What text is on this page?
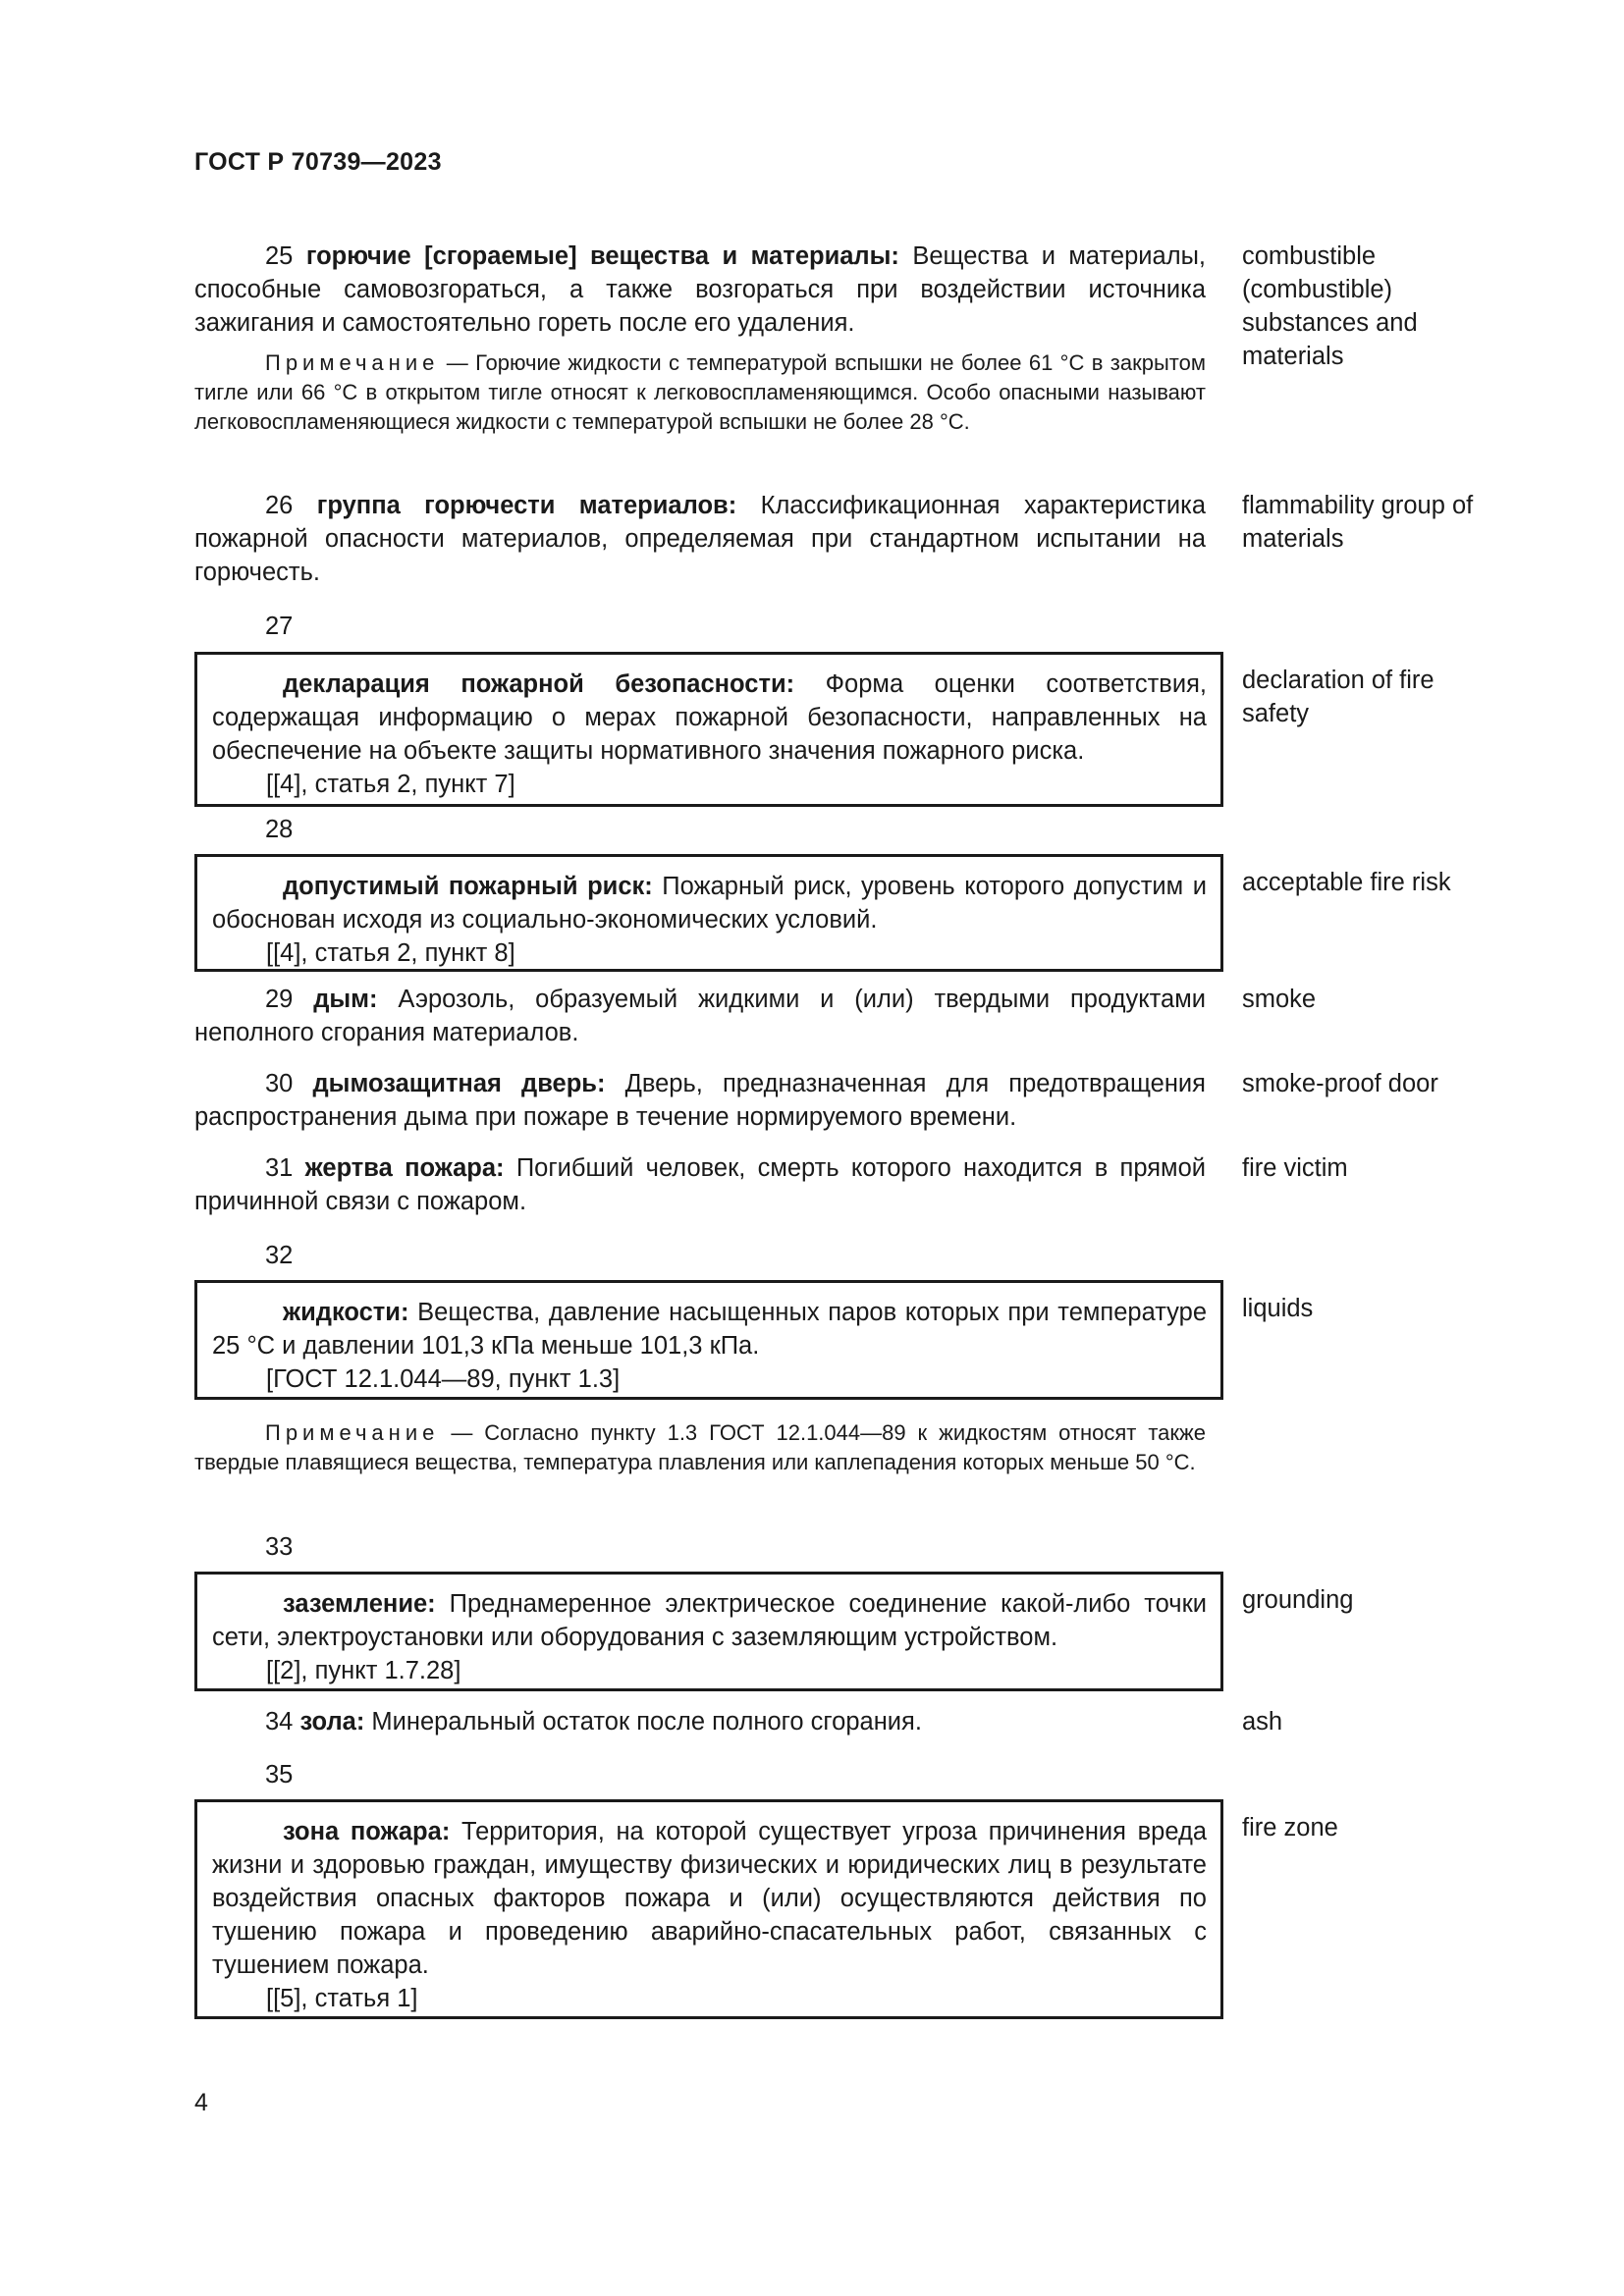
ГОСТ Р 70739—2023
25 горючие [сгораемые] вещества и материалы: Вещества и материалы, способные самовозгораться, а также возгораться при воздействии источника зажигания и самостоятельно гореть после его удаления.
combustible (combustible) substances and materials
Примечание — Горючие жидкости с температурой вспышки не более 61 °С в закрытом тигле или 66 °С в открытом тигле относят к легковоспламеняющимся. Особо опасными называют легковоспламеняющиеся жидкости с температурой вспышки не более 28 °С.
26 группа горючести материалов: Классификационная характеристика пожарной опасности материалов, определяемая при стандартном испытании на горючесть.
flammability group of materials
27
декларация пожарной безопасности: Форма оценки соответствия, содержащая информацию о мерах пожарной безопасности, направленных на обеспечение на объекте защиты нормативного значения пожарного риска.
[[4], статья 2, пункт 7]
declaration of fire safety
28
допустимый пожарный риск: Пожарный риск, уровень которого допустим и обоснован исходя из социально-экономических условий.
[[4], статья 2, пункт 8]
acceptable fire risk
29 дым: Аэрозоль, образуемый жидкими и (или) твердыми продуктами неполного сгорания материалов.
smoke
30 дымозащитная дверь: Дверь, предназначенная для предотвращения распространения дыма при пожаре в течение нормируемого времени.
smoke-proof door
31 жертва пожара: Погибший человек, смерть которого находится в прямой причинной связи с пожаром.
fire victim
32
жидкости: Вещества, давление насыщенных паров которых при температуре 25 °С и давлении 101,3 кПа меньше 101,3 кПа.
[ГОСТ 12.1.044—89, пункт 1.3]
liquids
Примечание — Согласно пункту 1.3 ГОСТ 12.1.044—89 к жидкостям относят также твердые плавящиеся вещества, температура плавления или каплепадения которых меньше 50 °С.
33
заземление: Преднамеренное электрическое соединение какой-либо точки сети, электроустановки или оборудования с заземляющим устройством.
[[2], пункт 1.7.28]
grounding
34 зола: Минеральный остаток после полного сгорания.	ash
35
зона пожара: Территория, на которой существует угроза причинения вреда жизни и здоровью граждан, имуществу физических и юридических лиц в результате воздействия опасных факторов пожара и (или) осуществляются действия по тушению пожара и проведению аварийно-спасательных работ, связанных с тушением пожара.
[[5], статья 1]
fire zone
4
